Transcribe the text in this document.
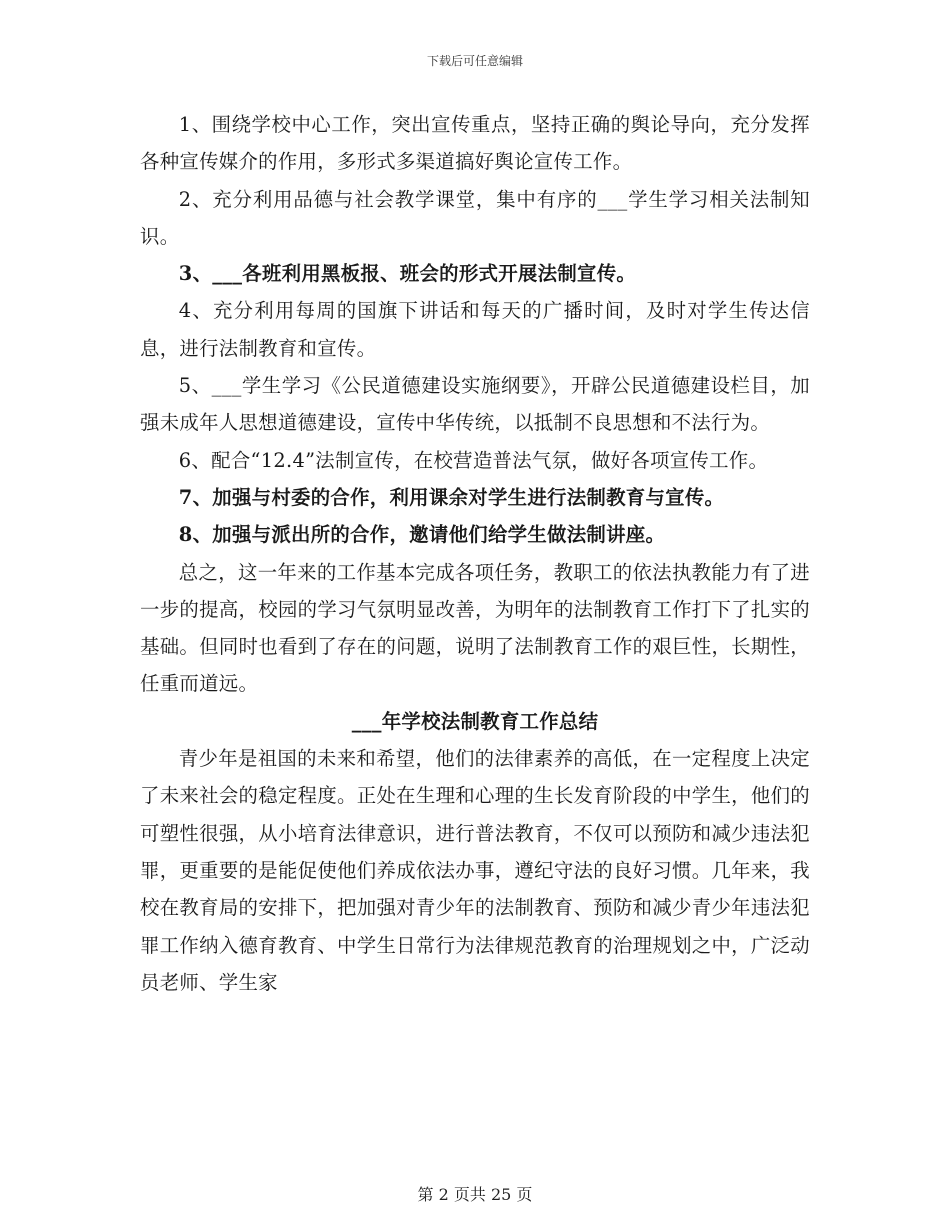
下载后可任意编辑

1、围绕学校中心工作，突出宣传重点，坚持正确的舆论导向，充分发挥各种宣传媒介的作用，多形式多渠道搞好舆论宣传工作。

2、充分利用品德与社会教学课堂，集中有序的___学生学习相关法制知识。

3、___各班利用黑板报、班会的形式开展法制宣传。

4、充分利用每周的国旗下讲话和每天的广播时间，及时对学生传达信息，进行法制教育和宣传。

5、___学生学习《公民道德建设实施纲要》，开辟公民道德建设栏目，加强未成年人思想道德建设，宣传中华传统，以抵制不良思想和不法行为。

6、配合“12.4”法制宣传，在校营造普法气氛，做好各项宣传工作。

7、加强与村委的合作，利用课余对学生进行法制教育与宣传。

8、加强与派出所的合作，邀请他们给学生做法制讲座。

总之，这一年来的工作基本完成各项任务，教职工的依法执教能力有了进一步的提高，校园的学习气氛明显改善，为明年的法制教育工作打下了扎实的基础。但同时也看到了存在的问题，说明了法制教育工作的艰巨性，长期性，任重而道远。

___年学校法制教育工作总结

青少年是祖国的未来和希望，他们的法律素养的高低，在一定程度上决定了未来社会的稳定程度。正处在生理和心理的生长发育阶段的中学生，他们的可塑性很强，从小培育法律意识，进行普法教育，不仅可以预防和减少违法犯罪，更重要的是能促使他们养成依法办事，遵纪守法的良好习惯。几年来，我校在教育局的安排下，把加强对青少年的法制教育、预防和减少青少年违法犯罪工作纳入德育教育、中学生日常行为法律规范教育的治理规划之中，广泛动员老师、学生家

第 2 页共 25 页
